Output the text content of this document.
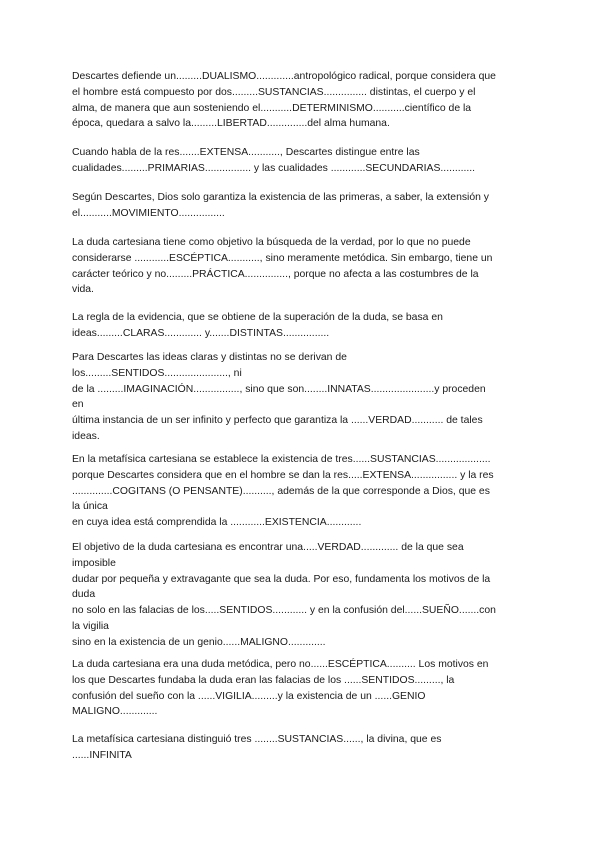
Descartes defiende un.........DUALISMO.............antropológico radical, porque considera que
el hombre está compuesto por dos.........SUSTANCIAS............... distintas, el cuerpo y el
alma, de manera que aun sosteniendo el...........DETERMINISMO...........científico de la
época, quedara a salvo la.........LIBERTAD..............del alma humana.
Cuando habla de la res.......EXTENSA..........., Descartes distingue entre las
cualidades.........PRIMARIAS................ y las cualidades ............SECUNDARIAS............
Según Descartes, Dios solo garantiza la existencia de las primeras, a saber, la extensión y
el...........MOVIMIENTO................
La duda cartesiana tiene como objetivo la búsqueda de la verdad, por lo que no puede
considerarse ............ESCÉPTICA..........., sino meramente metódica. Sin embargo, tiene un
carácter teórico y no.........PRÁCTICA..............., porque no afecta a las costumbres de la
vida.
La regla de la evidencia, que se obtiene de la superación de la duda, se basa en
ideas.........CLARAS............. y.......DISTINTAS................
Para Descartes las ideas claras y distintas no se derivan de
los.........SENTIDOS......................, ni
de la .........IMAGINACIÓN................, sino que son........INNATAS......................y proceden
en
última instancia de un ser infinito y perfecto que garantiza la ......VERDAD........... de tales
ideas.
En la metafísica cartesiana se establece la existencia de tres......SUSTANCIAS...................
porque Descartes considera que en el hombre se dan la res.....EXTENSA................ y la res
..............COGITANS (O PENSANTE).........., además de la que corresponde a Dios, que es
la única
en cuya idea está comprendida la ............EXISTENCIA............
El objetivo de la duda cartesiana es encontrar una.....VERDAD............. de la que sea
imposible
dudar por pequeña y extravagante que sea la duda. Por eso, fundamenta los motivos de la
duda
no solo en las falacias de los.....SENTIDOS............ y en la confusión del......SUEÑO.......con
la vigilia
sino en la existencia de un genio......MALIGNO.............
La duda cartesiana era una duda metódica, pero no......ESCÉPTICA.......... Los motivos en
los que Descartes fundaba la duda eran las falacias de los ......SENTIDOS........., la
confusión del sueño con la ......VIGILIA.........y la existencia de un ......GENIO
MALIGNO.............
La metafísica cartesiana distinguió tres ........SUSTANCIAS......, la divina, que es
......INFINITA
